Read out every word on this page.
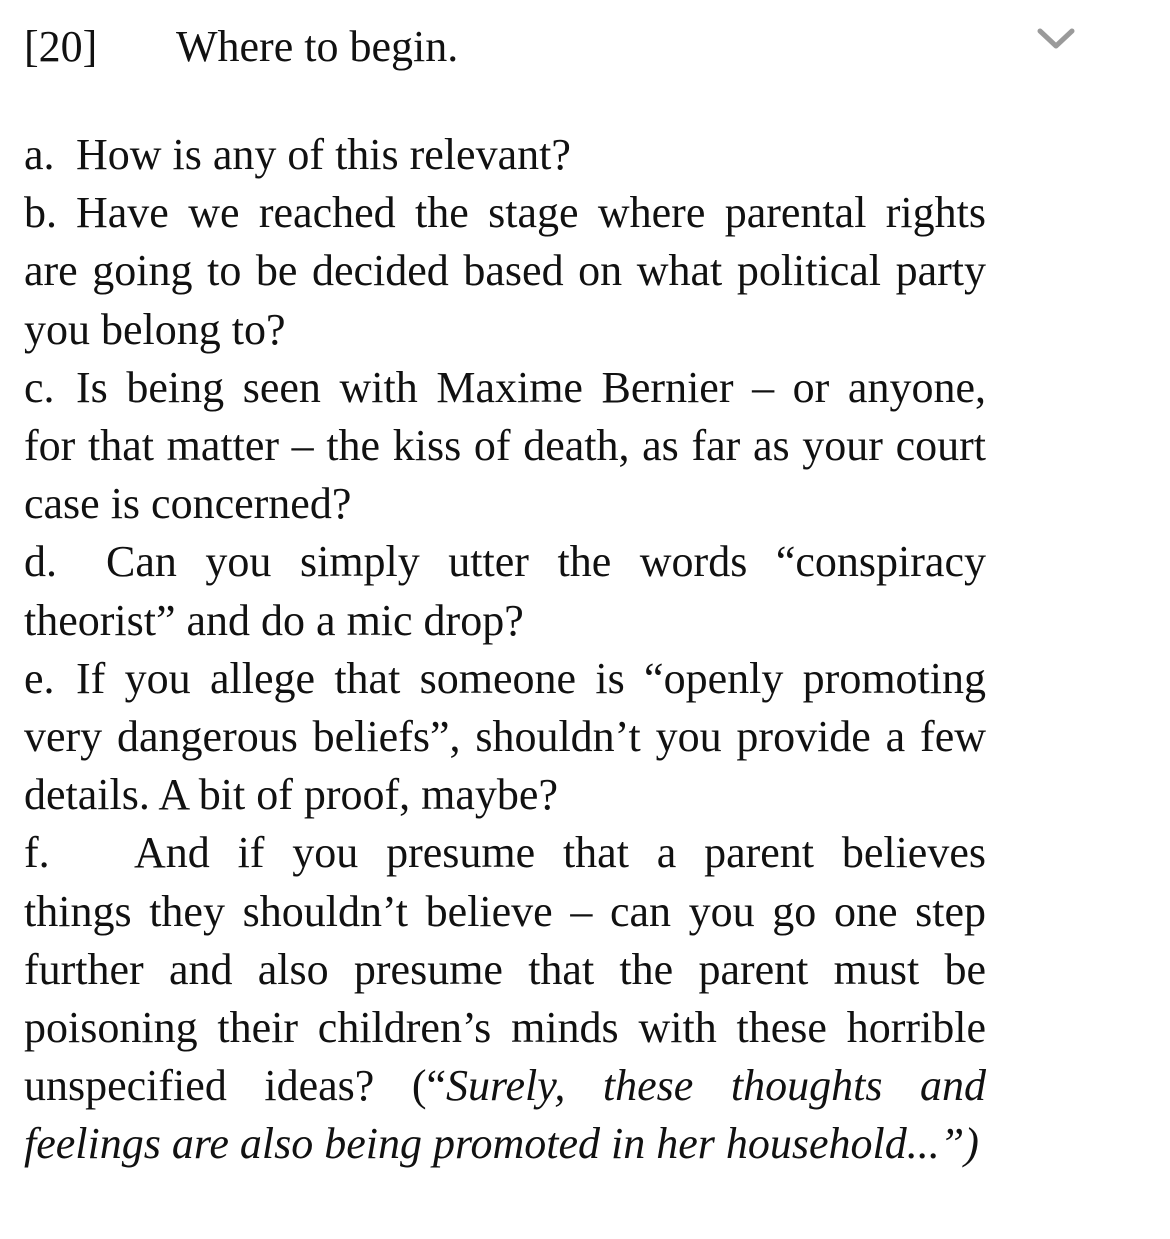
[20] Where to begin.

a. How is any of this relevant?

b. Have we reached the stage where parental rights are going to be decided based on what political party you belong to?

c. Is being seen with Maxime Bernier – or anyone, for that matter – the kiss of death, as far as your court case is concerned?

d. Can you simply utter the words “conspiracy theorist” and do a mic drop?

e. If you allege that someone is “openly promoting very dangerous beliefs”, shouldn’t you provide a few details. A bit of proof, maybe?

f. And if you presume that a parent believes things they shouldn’t believe – can you go one step further and also presume that the parent must be poisoning their children’s minds with these horrible unspecified ideas? (“Surely, these thoughts and feelings are also being promoted in her household...”)
